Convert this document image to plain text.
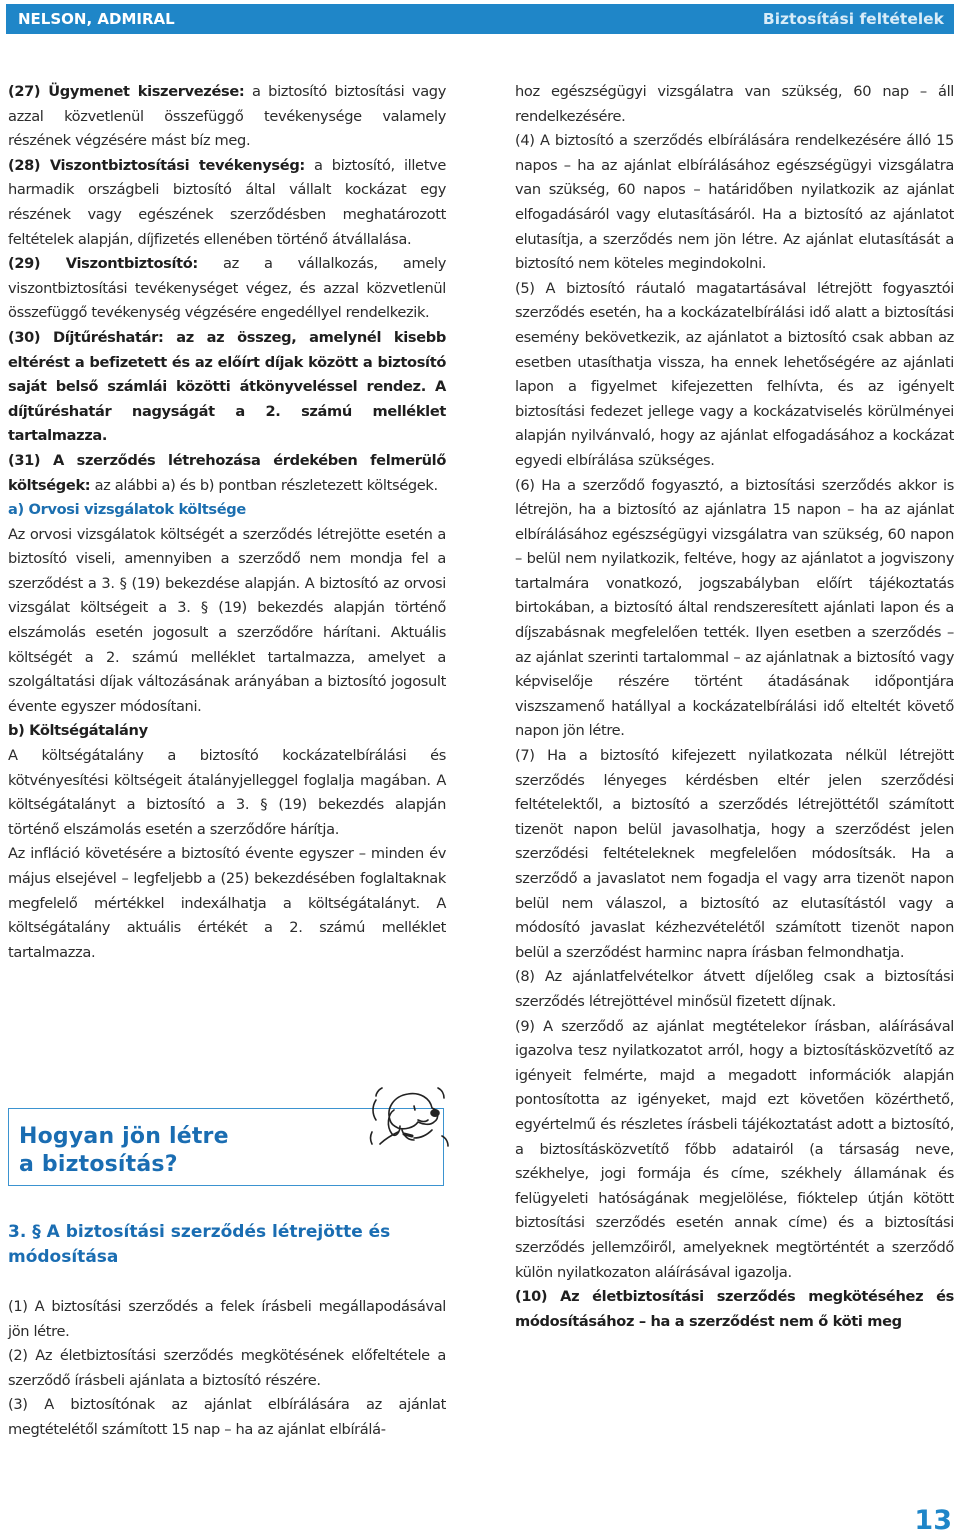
NELSON, ADMIRAL	Biztosítási feltételek

(27) Ügymenet kiszervezése: a biztosító biztosítási vagy azzal közvetlenül összefüggő tevékenysége valamely részének végzésére mást bíz meg.

(28) Viszontbiztosítási tevékenység: a biztosító, illetve harmadik országbeli biztosító által vállalt kockázat egy részének vagy egészének szerződésben meghatározott feltételek alapján, díjfizetés ellenében történő átvállalása.

(29) Viszontbiztosító: az a vállalkozás, amely viszontbiztosítási tevékenységet végez, és azzal közvetlenül összefüggő tevékenység végzésére engedéllyel rendelkezik.

(30) Díjtűréshatár: az az összeg, amelynél kisebb eltérést a befizetett és az előírt díjak között a biztosító saját belső számlái közötti átkönyveléssel rendez. A díjtűréshatár nagyságát a 2. számú melléklet tartalmazza.

(31) A szerződés létrehozása érdekében felmerülő költségek: az alábbi a) és b) pontban részletezett költségek.

a) Orvosi vizsgálatok költsége

Az orvosi vizsgálatok költségét a szerződés létrejötte esetén a biztosító viseli, amennyiben a szerződő nem mondja fel a szerződést a 3. § (19) bekezdése alapján. A biztosító az orvosi vizsgálat költségeit a 3. § (19) bekezdés alapján történő elszámolás esetén jogosult a szerződőre hárítani. Aktuális költségét a 2. számú melléklet tartalmazza, amelyet a szolgáltatási díjak változásának arányában a biztosító jogosult évente egyszer módosítani.

b) Költségátalány

A költségátalány a biztosító kockázatelbírálási és kötvényesítési költségeit átalányjelleggel foglalja magában. A költségátalányt a biztosító a 3. § (19) bekezdés alapján történő elszámolás esetén a szerződőre hárítja.

Az infláció követésére a biztosító évente egyszer – minden év május elsejével – legfeljebb a (25) bekezdésében foglaltaknak megfelelő mértékkel indexálhatja a költségátalányt. A költségátalány aktuális értékét a 2. számú melléklet tartalmazza.

Hogyan jön létre
a biztosítás?
3. § A biztosítási szerződés létrejötte és
módosítása

(1) A biztosítási szerződés a felek írásbeli megállapodásával jön létre.

(2) Az életbiztosítási szerződés megkötésének előfeltétele a szerződő írásbeli ajánlata a biztosító részére.

(3) A biztosítónak az ajánlat elbírálására az ajánlat megtételétől számított 15 nap – ha az ajánlat elbírálá-

hoz egészségügyi vizsgálatra van szükség, 60 nap – áll rendelkezésére.

(4) A biztosító a szerződés elbírálására rendelkezésére álló 15 napos – ha az ajánlat elbírálásához egészségügyi vizsgálatra van szükség, 60 napos – határidőben nyilatkozik az ajánlat elfogadásáról vagy elutasításáról. Ha a biztosító az ajánlatot elutasítja, a szerződés nem jön létre. Az ajánlat elutasítását a biztosító nem köteles megindokolni.

(5) A biztosító ráutaló magatartásával létrejött fogyasztói szerződés esetén, ha a kockázatelbírálási idő alatt a biztosítási esemény bekövetkezik, az ajánlatot a biztosító csak abban az esetben utasíthatja vissza, ha ennek lehetőségére az ajánlati lapon a figyelmet kifejezetten felhívta, és az igényelt biztosítási fedezet jellege vagy a kockázatviselés körülményei alapján nyilvánvaló, hogy az ajánlat elfogadásához a kockázat egyedi elbírálása szükséges.

(6) Ha a szerződő fogyasztó, a biztosítási szerződés akkor is létrejön, ha a biztosító az ajánlatra 15 napon – ha az ajánlat elbírálásához egészségügyi vizsgálatra van szükség, 60 napon – belül nem nyilatkozik, feltéve, hogy az ajánlatot a jogviszony tartalmára vonatkozó, jogszabályban előírt tájékoztatás birtokában, a biztosító által rendszeresített ajánlati lapon és a díjszabásnak megfelelően tették. Ilyen esetben a szerződés – az ajánlat szerinti tartalommal – az ajánlatnak a biztosító vagy képviselője részére történt átadásának időpontjára viszszamenő hatállyal a kockázatelbírálási idő elteltét követő napon jön létre.

(7) Ha a biztosító kifejezett nyilatkozata nélkül létrejött szerződés lényeges kérdésben eltér jelen szerződési feltételektől, a biztosító a szerződés létrejöttétől számított tizenöt napon belül javasolhatja, hogy a szerződést jelen szerződési feltételeknek megfelelően módosítsák. Ha a szerződő a javaslatot nem fogadja el vagy arra tizenöt napon belül nem válaszol, a biztosító az elutasítástól vagy a módosító javaslat kézhezvételétől számított tizenöt napon belül a szerződést harminc napra írásban felmondhatja.

(8) Az ajánlatfelvételkor átvett díjelőleg csak a biztosítási szerződés létrejöttével minősül fizetett díjnak.

(9) A szerződő az ajánlat megtételekor írásban, aláírásával igazolva tesz nyilatkozatot arról, hogy a biztosításközvetítő az igényeit felmérte, majd a megadott információk alapján pontosította az igényeket, majd ezt követően közérthető, egyértelmű és részletes írásbeli tájékoztatást adott a biztosító, a biztosításközvetítő főbb adatairól (a társaság neve, székhelye, jogi formája és címe, székhely államának és felügyeleti hatóságának megjelölése, fióktelep útján kötött biztosítási szerződés esetén annak címe) és a biztosítási szerződés jellemzőiről, amelyeknek megtörténtét a szerződő külön nyilatkozaton aláírásával igazolja.

(10) Az életbiztosítási szerződés megkötéséhez és módosításához – ha a szerződést nem ő köti meg

13
